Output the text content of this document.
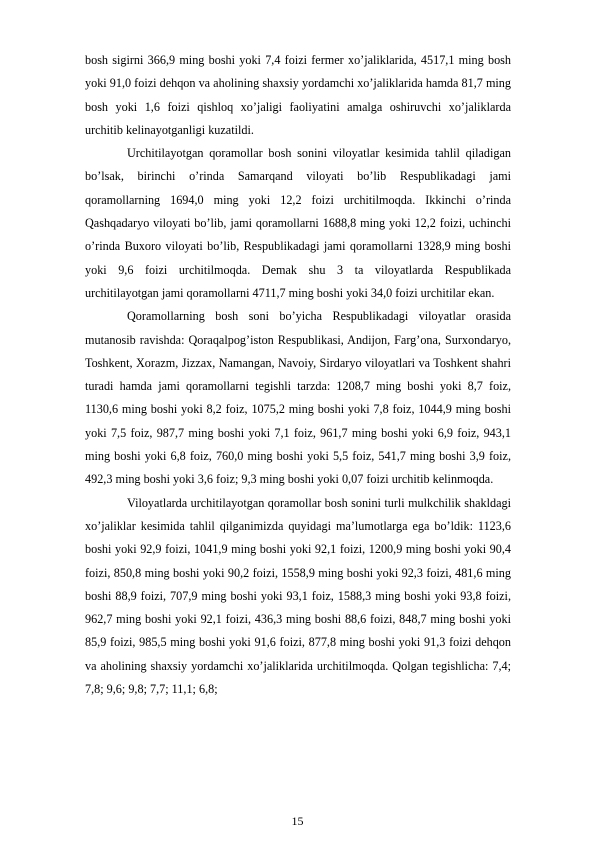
bosh sigirni 366,9 ming boshi yoki 7,4 foizi fermer xo’jaliklarida, 4517,1 ming bosh yoki 91,0 foizi dehqon va aholining shaxsiy yordamchi xo’jaliklarida hamda 81,7 ming bosh yoki 1,6 foizi qishloq xo’jaligi faoliyatini amalga oshiruvchi xo’jaliklarda urchitib kelinayotganligi kuzatildi.

Urchitilayotgan qoramollar bosh sonini viloyatlar kesimida tahlil qiladigan bo’lsak, birinchi o’rinda Samarqand viloyati bo’lib Respublikadagi jami qoramollarning 1694,0 ming yoki 12,2 foizi urchitilmoqda. Ikkinchi o’rinda Qashqadaryo viloyati bo’lib, jami qoramollarni 1688,8 ming yoki 12,2 foizi, uchinchi o’rinda Buxoro viloyati bo’lib, Respublikadagi jami qoramollarni 1328,9 ming boshi yoki 9,6 foizi urchitilmoqda. Demak shu 3 ta viloyatlarda Respublikada urchitilayotgan jami qoramollarni 4711,7 ming boshi yoki 34,0 foizi urchitilar ekan.

Qoramollarning bosh soni bo’yicha Respublikadagi viloyatlar orasida mutanosib ravishda: Qoraqalpog’iston Respublikasi, Andijon, Farg’ona, Surxondaryo, Toshkent, Xorazm, Jizzax, Namangan, Navoiy, Sirdaryo viloyatlari va Toshkent shahri turadi hamda jami qoramollarni tegishli tarzda: 1208,7 ming boshi yoki 8,7 foiz, 1130,6 ming boshi yoki 8,2 foiz, 1075,2 ming boshi yoki 7,8 foiz, 1044,9 ming boshi yoki 7,5 foiz, 987,7 ming boshi yoki 7,1 foiz, 961,7 ming boshi yoki 6,9 foiz, 943,1 ming boshi yoki 6,8 foiz, 760,0 ming boshi yoki 5,5 foiz, 541,7 ming boshi 3,9 foiz, 492,3 ming boshi yoki 3,6 foiz; 9,3 ming boshi yoki 0,07 foizi urchitib kelinmoqda.

Viloyatlarda urchitilayotgan qoramollar bosh sonini turli mulkchilik shakldagi xo’jaliklar kesimida tahlil qilganimizda quyidagi ma’lumotlarga ega bo’ldik: 1123,6 boshi yoki 92,9 foizi, 1041,9 ming boshi yoki 92,1 foizi, 1200,9 ming boshi yoki 90,4 foizi, 850,8 ming boshi yoki 90,2 foizi, 1558,9 ming boshi yoki 92,3 foizi, 481,6 ming boshi 88,9 foizi, 707,9 ming boshi yoki 93,1 foiz, 1588,3 ming boshi yoki 93,8 foizi, 962,7 ming boshi yoki 92,1 foizi, 436,3 ming boshi 88,6 foizi, 848,7 ming boshi yoki 85,9 foizi, 985,5 ming boshi yoki 91,6 foizi, 877,8 ming boshi yoki 91,3 foizi dehqon va aholining shaxsiy yordamchi xo’jaliklarida urchitilmoqda. Qolgan tegishlicha: 7,4; 7,8; 9,6; 9,8; 7,7; 11,1; 6,8;

15
